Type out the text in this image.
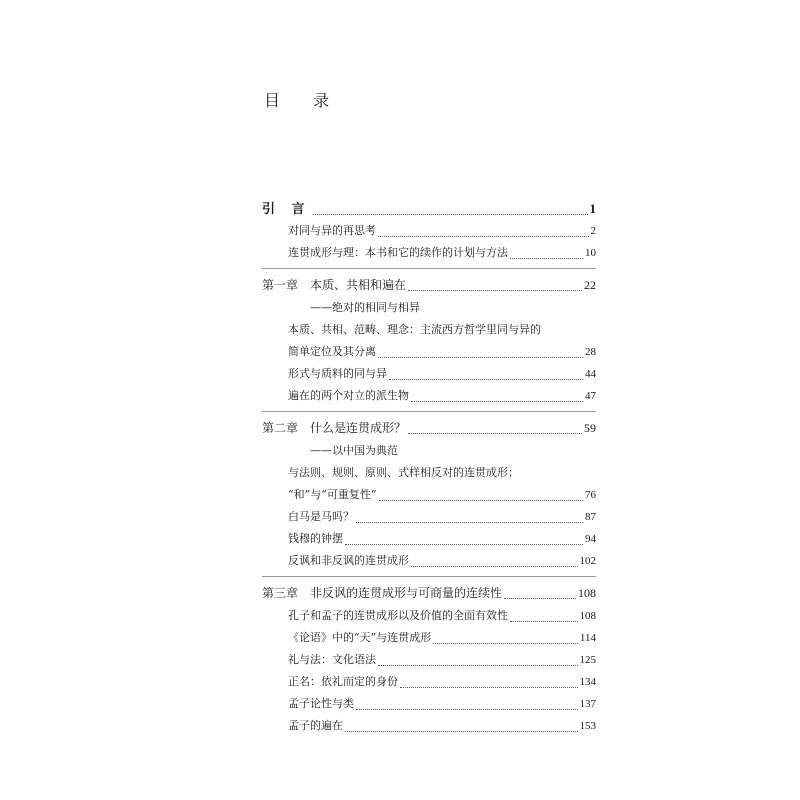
目 录
引 言	1
对同与异的再思考	2
连贯成形与理：本书和它的续作的计划与方法	10
第一章　本质、共相和遍在	22
——绝对的相同与相异
本质、共相、范畴、理念：主流西方哲学里同与异的
简单定位及其分离	28
形式与质料的同与异	44
遍在的两个对立的派生物	47
第二章　什么是连贯成形？	59
——以中国为典范
与法则、规则、原则、式样相反对的连贯成形；
“和”与“可重复性”	76
白马是马吗？	87
钱穆的钟摆	94
反讽和非反讽的连贯成形	102
第三章　非反讽的连贯成形与可商量的连续性	108
孔子和孟子的连贯成形以及价值的全面有效性	108
《论语》中的“天”与连贯成形	114
礼与法：文化语法	125
正名：依礼而定的身份	134
孟子论性与类	137
孟子的遍在	153
